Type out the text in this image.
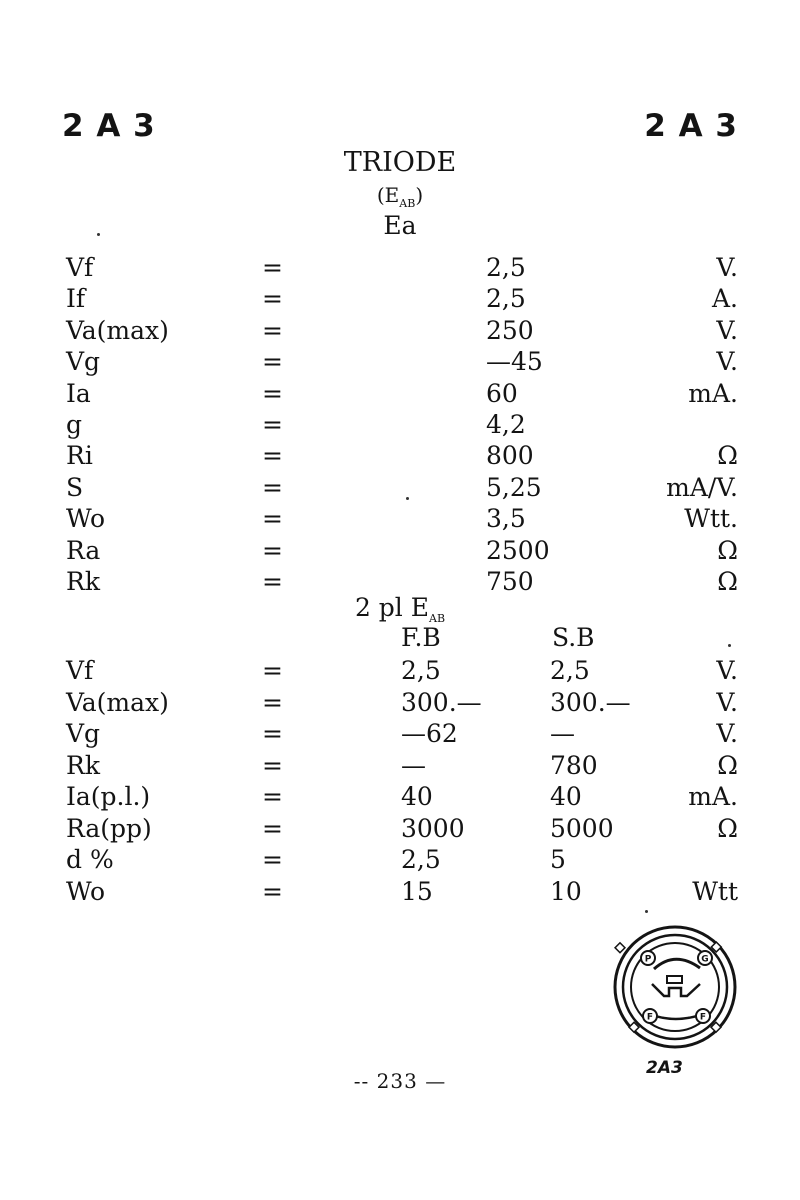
2 A 3	2 A 3
TRIODE
$(E_{AB})$
Ea
Vf	=	2,5	V.
If	=	2,5	A.
Va(max)	=	250	V.
Vg	=	—45	V.
Ia	=	60	mA.
g	=	4,2
Ri	=	800	Ω
S	=	5,25	mA/V.
Wo	=	3,5	Wtt.
Ra	=	2500	Ω
Rk	=	750	Ω
2 pl $E_{AB}$
F.B	S.B
Vf	=	2,5	2,5	V.
Va(max)	=	300.—	300.—	V.
Vg	=	—62	—	V.
Rk	=	—	780	Ω
Ia(p.l.)	=	40	40	mA.
Ra(pp)	=	3000	5000	Ω
d %	=	2,5	5
Wo	=	15	10	Wtt
P	G
F	F
2A3
-- 233 —
